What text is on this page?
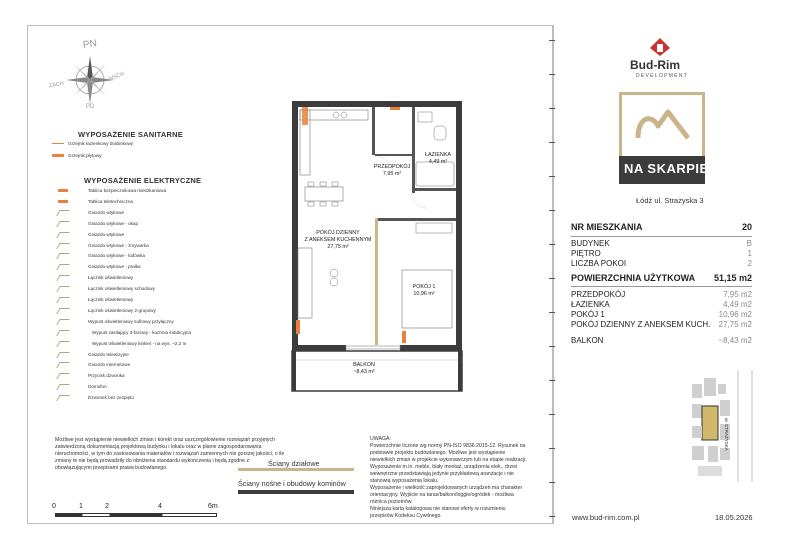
PN
WSCH
ZACH
PD
WYPOSAŻENIE SANITARNE
Grzejnik łazienkowy drabinkowy
Grzejnik płytowy
WYPOSAŻENIE ELEKTRYCZNE
Tablica bezpiecznikowa mieszkaniowa
Tablica teletechniczna
Gniazdo wtykowe
Gniazdo wtykowe - okap
Gniazdo wtykowe
Gniazdo wtykowe - zmywarka
Gniazdo wtykowe - lodówka
Gniazdo wtykowe - pralka
Łącznik oświetleniowy
Łącznik oświetleniowy schodowy
Łącznik oświetleniowy
Łącznik oświetleniowy 2-grupowy
Wypust oświetleniowy sufitowy przyłączny
Wypust zasilający 3-fazowy - kuchnia indukcyjna
Wypust oświetleniowy kinkiet - na wys. ~2,2 m
Gniazdo telewizyjne
Gniazdo internetowe
Przycisk dzwonka
Domofon
Dzwonek bez zezpiętu
PRZEDPOKÓJ
7,95 m²
ŁAZIENKA
4,49 m²
POKÓJ DZIENNY
Z ANEKSEM KUCHENNYM
27,75 m²
POKÓJ 1
10,96 m²
BALKON
~8,43 m²
Możliwe jest wystąpienie niewielkich zmian i korekt oraz uszczegółowienie rozwiązań przyjętych zatwierdzoną dokumentacją projektową budynku i lokalu oraz w planie zagospodarowania nieruchomości, w tym do zastosowania materiałów i rozwiązań zamiennych nie gorszej jakości, o ile zmiany te nie będą prowadziły do obniżenia standardu wykończenia i będą zgodne z obowiązującymi przepisami prawa budowlanego.
UWAGA:
Powierzchnie liczone wg normy PN-ISO 9836:2015-12. Rysunek na podstawie projektu budowlanego. Możliwe jest wystąpienie
niewielkich zmian w projekcie wykonawczym lub na etapie realizacji.
Wyposażenie m.in. meble, biały montaż, urządzenia elek., drzwi
wewnętrzne przedstawiają jedynie przykładową aranżacje i nie
stanowią wyposażenia lokalu.
Wyposażenie i wielkość zaprojektowanych urządzeń ma charakter
orientacyjny. Wyjście na taras/balkon/loggie/ogródek - możliwa
różnica poziomów.
Niniejsza karta katalogowa nie stanowi oferty w rozumieniu
przepisów Kodeksu Cywilnego.
Ściany działowe
Ściany nośne i obudowy kominów
0	1	2	4	6m
Bud-Rim
DEVELOPMENT
NA SKARPIE
Łódź ul. Strażyska 3
NR MIESZKANIA	20
BUDYNEK	B
PIĘTRO	1
LICZBA POKOI	2
POWIERZCHNIA UŻYTKOWA 51,15 m2
PRZEDPOKÓJ	7,95 m2
ŁAZIENKA	4,49 m2
POKÓJ 1	10,96 m2
POKÓJ DZIENNY Z ANEKSEM KUCH. 27,75 m2
BALKON	~8,43 m2
ul. STRAŻYSKA
www.bud-rim.com.pl	18.05.2026
